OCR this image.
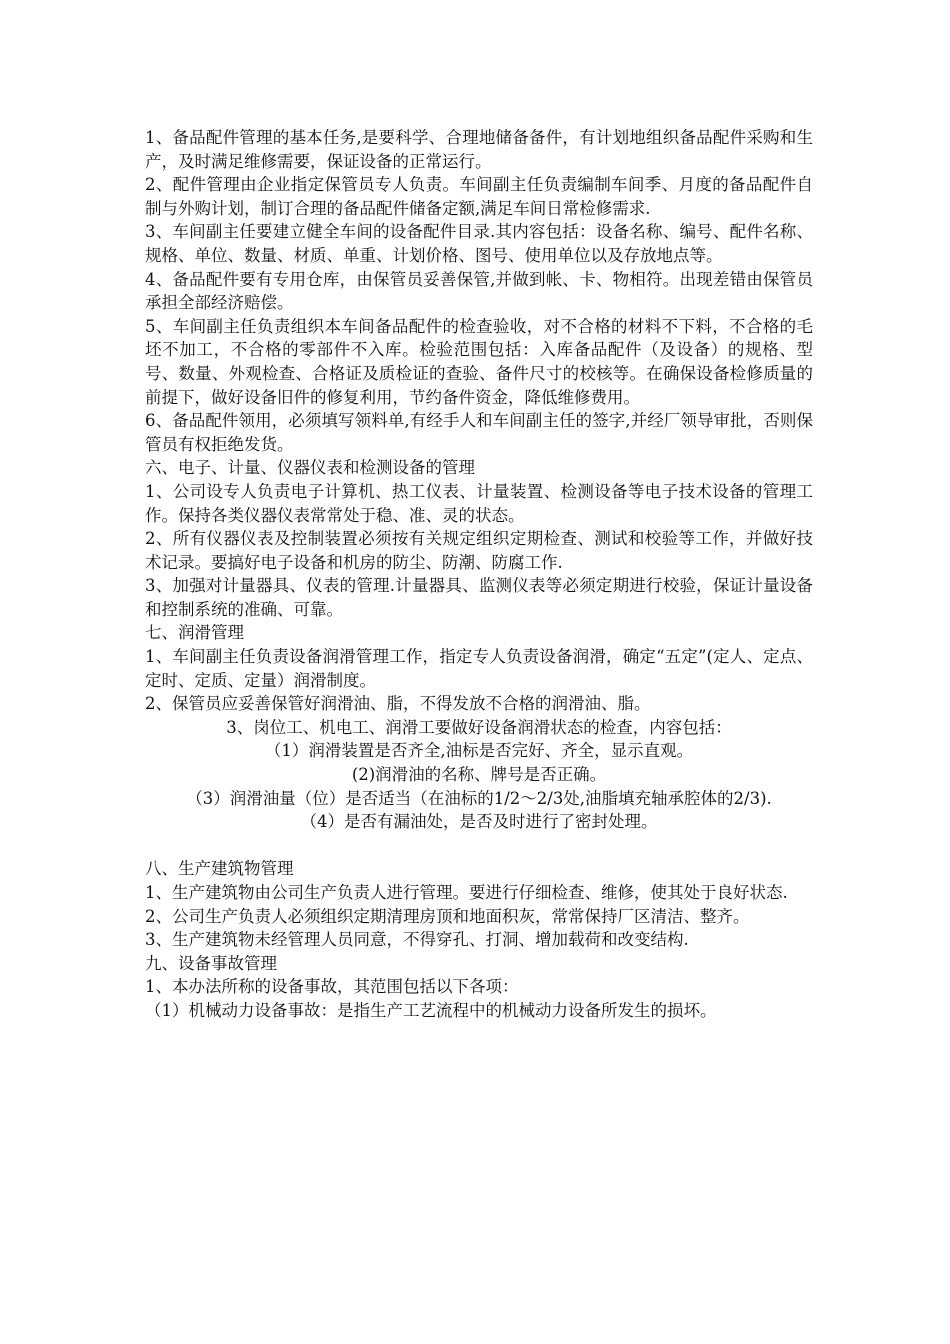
1、备品配件管理的基本任务,是要科学、合理地储备备件，有计划地组织备品配件采购和生产，及时满足维修需要，保证设备的正常运行。

2、配件管理由企业指定保管员专人负责。车间副主任负责编制车间季、月度的备品配件自制与外购计划，制订合理的备品配件储备定额,满足车间日常检修需求.

3、车间副主任要建立健全车间的设备配件目录.其内容包括：设备名称、编号、配件名称、规格、单位、数量、材质、单重、计划价格、图号、使用单位以及存放地点等。

4、备品配件要有专用仓库，由保管员妥善保管,并做到帐、卡、物相符。出现差错由保管员承担全部经济赔偿。

5、车间副主任负责组织本车间备品配件的检查验收，对不合格的材料不下料，不合格的毛坯不加工，不合格的零部件不入库。检验范围包括：入库备品配件（及设备）的规格、型号、数量、外观检查、合格证及质检证的查验、备件尺寸的校核等。在确保设备检修质量的前提下，做好设备旧件的修复利用，节约备件资金，降低维修费用。

6、备品配件领用，必须填写领料单,有经手人和车间副主任的签字,并经厂领导审批，否则保管员有权拒绝发货。

六、电子、计量、仪器仪表和检测设备的管理

1、公司设专人负责电子计算机、热工仪表、计量装置、检测设备等电子技术设备的管理工作。保持各类仪器仪表常常处于稳、准、灵的状态。

2、所有仪器仪表及控制装置必须按有关规定组织定期检查、测试和校验等工作，并做好技术记录。要搞好电子设备和机房的防尘、防潮、防腐工作.

3、加强对计量器具、仪表的管理.计量器具、监测仪表等必须定期进行校验，保证计量设备和控制系统的准确、可靠。

七、润滑管理

1、车间副主任负责设备润滑管理工作，指定专人负责设备润滑，确定“五定”(定人、定点、定时、定质、定量）润滑制度。

2、保管员应妥善保管好润滑油、脂，不得发放不合格的润滑油、脂。

3、岗位工、机电工、润滑工要做好设备润滑状态的检查，内容包括：

（1）润滑装置是否齐全,油标是否完好、齐全，显示直观。

(2)润滑油的名称、牌号是否正确。

（3）润滑油量（位）是否适当（在油标的1/2～2/3处,油脂填充轴承腔体的2/3).

（4）是否有漏油处，是否及时进行了密封处理。

八、生产建筑物管理

1、生产建筑物由公司生产负责人进行管理。要进行仔细检查、维修，使其处于良好状态.

2、公司生产负责人必须组织定期清理房顶和地面积灰，常常保持厂区清洁、整齐。

3、生产建筑物未经管理人员同意，不得穿孔、打洞、增加载荷和改变结构.

九、设备事故管理

1、本办法所称的设备事故，其范围包括以下各项：

（1）机械动力设备事故：是指生产工艺流程中的机械动力设备所发生的损坏。
